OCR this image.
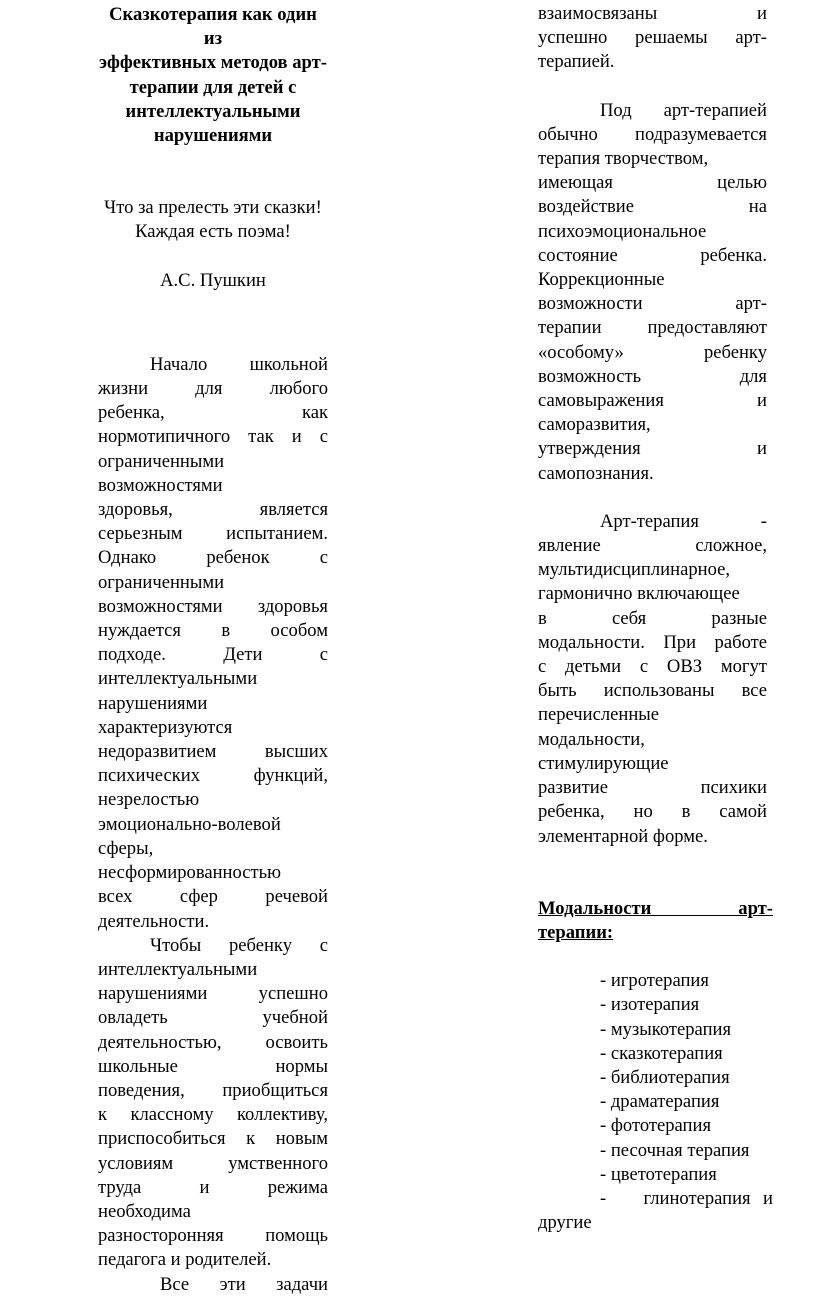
Сказкотерапия как один из
эффективных методов арт-
терапии для детей с
интеллектуальными
нарушениями
Что за прелесть эти сказки!
Каждая есть поэма!
А.С. Пушкин

Начало школьной

жизни для любого

ребенка, как

нормотипичного так и с

ограниченными

возможностями

здоровья, является

серьезным испытанием.

Однако ребенок с

ограниченными

возможностями здоровья

нуждается в особом

подходе. Дети с

интеллектуальными

нарушениями

характеризуются

недоразвитием высших

психических функций,

незрелостью

эмоционально-волевой

сферы,

несформированностью

всех сфер речевой

деятельности.

Чтобы ребенку с

интеллектуальными

нарушениями успешно

овладеть учебной

деятельностью, освоить

школьные нормы

поведения, приобщиться

к классному коллективу,

приспособиться к новым

условиям умственного

труда и режима

необходима

разносторонняя помощь

педагога и родителей.

Все эти задачи

взаимосвязаны и

успешно решаемы арт-

терапией.

Под арт-терапией

обычно подразумевается

терапия творчеством,

имеющая целью

воздействие на

психоэмоциональное

состояние ребенка.

Коррекционные

возможности арт-

терапии предоставляют

«особому» ребенку

возможность для

самовыражения и

саморазвития,

утверждения и

самопознания.

Арт-терапия -

явление сложное,

мультидисциплинарное,

гармонично включающее

в себя разные

модальности. При работе

с детьми с ОВЗ могут

быть использованы все

перечисленные

модальности,

стимулирующие

развитие психики

ребенка, но в самой

элементарной форме.

Модальности арт-

терапии:

- игротерапия
- изотерапия
- музыкотерапия
- сказкотерапия
- библиотерапия
- драматерапия
- фототерапия
- песочная терапия
- цветотерапия
-   глинотерапия и
другие
